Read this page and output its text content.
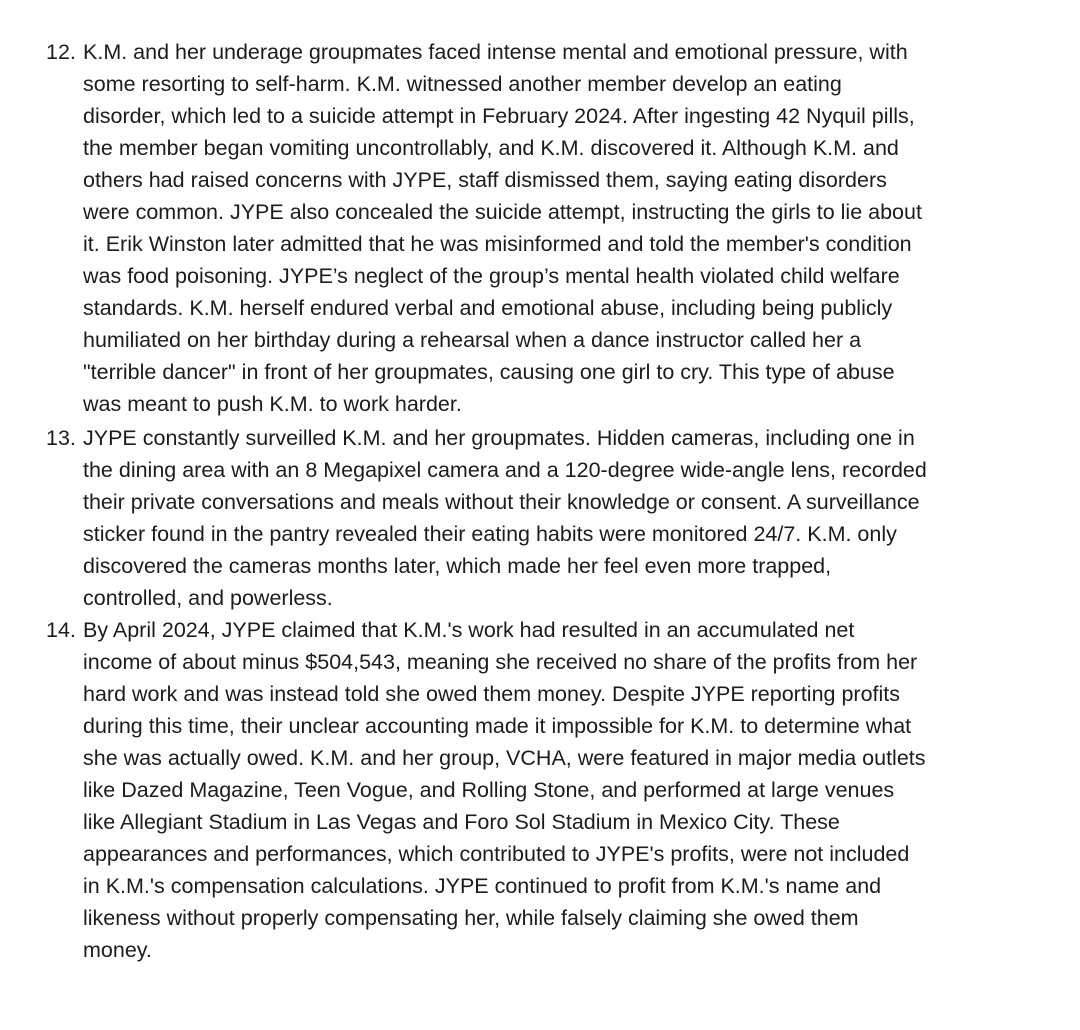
12. K.M. and her underage groupmates faced intense mental and emotional pressure, with
some resorting to self-harm. K.M. witnessed another member develop an eating
disorder, which led to a suicide attempt in February 2024. After ingesting 42 Nyquil pills,
the member began vomiting uncontrollably, and K.M. discovered it. Although K.M. and
others had raised concerns with JYPE, staff dismissed them, saying eating disorders
were common. JYPE also concealed the suicide attempt, instructing the girls to lie about
it. Erik Winston later admitted that he was misinformed and told the member's condition
was food poisoning. JYPE’s neglect of the group’s mental health violated child welfare
standards. K.M. herself endured verbal and emotional abuse, including being publicly
humiliated on her birthday during a rehearsal when a dance instructor called her a
"terrible dancer" in front of her groupmates, causing one girl to cry. This type of abuse
was meant to push K.M. to work harder.
13. JYPE constantly surveilled K.M. and her groupmates. Hidden cameras, including one in
the dining area with an 8 Megapixel camera and a 120-degree wide-angle lens, recorded
their private conversations and meals without their knowledge or consent. A surveillance
sticker found in the pantry revealed their eating habits were monitored 24/7. K.M. only
discovered the cameras months later, which made her feel even more trapped,
controlled, and powerless.
14. By April 2024, JYPE claimed that K.M.'s work had resulted in an accumulated net
income of about minus $504,543, meaning she received no share of the profits from her
hard work and was instead told she owed them money. Despite JYPE reporting profits
during this time, their unclear accounting made it impossible for K.M. to determine what
she was actually owed. K.M. and her group, VCHA, were featured in major media outlets
like Dazed Magazine, Teen Vogue, and Rolling Stone, and performed at large venues
like Allegiant Stadium in Las Vegas and Foro Sol Stadium in Mexico City. These
appearances and performances, which contributed to JYPE's profits, were not included
in K.M.'s compensation calculations. JYPE continued to profit from K.M.'s name and
likeness without properly compensating her, while falsely claiming she owed them
money.
